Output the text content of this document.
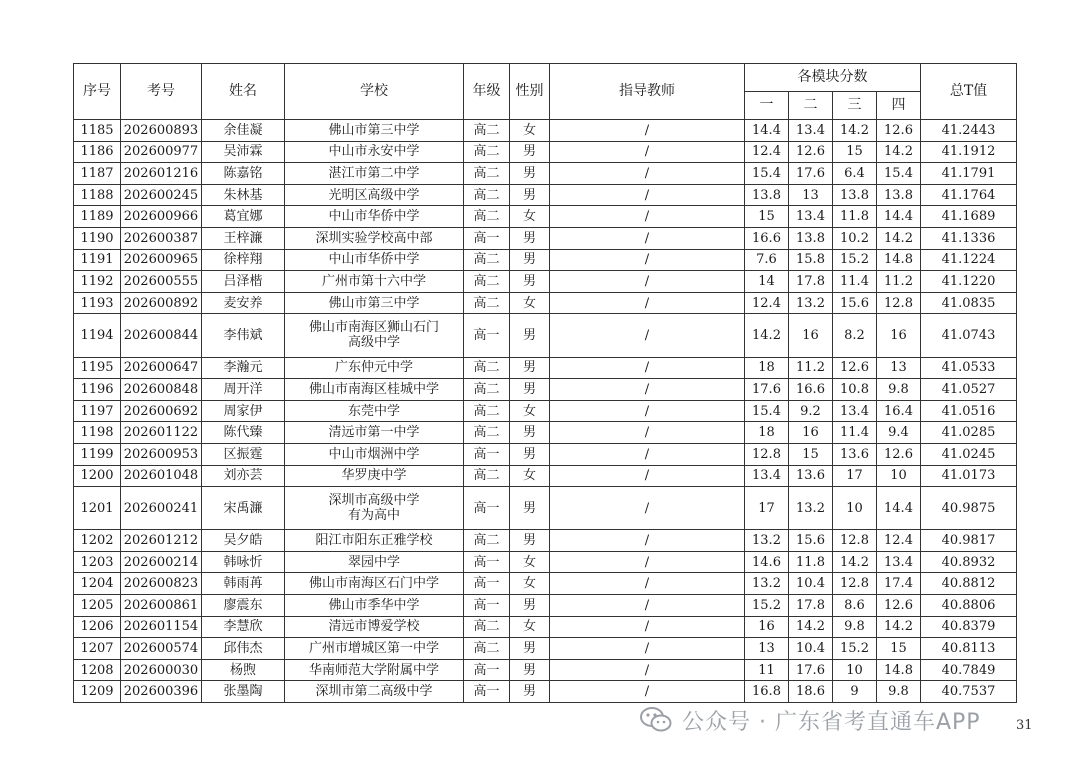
序号	考号	姓名	学校	年级	性别	指导教师	各模块分数				总T值
							一	二	三	四	
1185	202600893	余佳凝	佛山市第三中学	高二	女	/	14.4	13.4	14.2	12.6	41.2443
1186	202600977	吴沛霖	中山市永安中学	高二	男	/	12.4	12.6	15	14.2	41.1912
1187	202601216	陈嘉铭	湛江市第二中学	高二	男	/	15.4	17.6	6.4	15.4	41.1791
1188	202600245	朱林基	光明区高级中学	高二	男	/	13.8	13	13.8	13.8	41.1764
1189	202600966	葛宜娜	中山市华侨中学	高二	女	/	15	13.4	11.8	14.4	41.1689
1190	202600387	王梓濂	深圳实验学校高中部	高一	男	/	16.6	13.8	10.2	14.2	41.1336
1191	202600965	徐梓翔	中山市华侨中学	高二	男	/	7.6	15.8	15.2	14.8	41.1224
1192	202600555	吕泽楷	广州市第十六中学	高二	男	/	14	17.8	11.4	11.2	41.1220
1193	202600892	麦安养	佛山市第三中学	高二	女	/	12.4	13.2	15.6	12.8	41.0835
1194	202600844	李伟斌	佛山市南海区狮山石门
高级中学	高一	男	/	14.2	16	8.2	16	41.0743
1195	202600647	李瀚元	广东仲元中学	高二	男	/	18	11.2	12.6	13	41.0533
1196	202600848	周开洋	佛山市南海区桂城中学	高二	男	/	17.6	16.6	10.8	9.8	41.0527
1197	202600692	周家伊	东莞中学	高二	女	/	15.4	9.2	13.4	16.4	41.0516
1198	202601122	陈代臻	清远市第一中学	高二	男	/	18	16	11.4	9.4	41.0285
1199	202600953	区振霆	中山市烟洲中学	高一	男	/	12.8	15	13.6	12.6	41.0245
1200	202601048	刘亦芸	华罗庚中学	高二	女	/	13.4	13.6	17	10	41.0173
1201	202600241	宋禹濂	深圳市高级中学
有为高中	高一	男	/	17	13.2	10	14.4	40.9875
1202	202601212	吴夕皓	阳江市阳东正雅学校	高二	男	/	13.2	15.6	12.8	12.4	40.9817
1203	202600214	韩咏忻	翠园中学	高一	女	/	14.6	11.8	14.2	13.4	40.8932
1204	202600823	韩雨苒	佛山市南海区石门中学	高一	女	/	13.2	10.4	12.8	17.4	40.8812
1205	202600861	廖震东	佛山市季华中学	高一	男	/	15.2	17.8	8.6	12.6	40.8806
1206	202601154	李慧欣	清远市博爱学校	高二	女	/	16	14.2	9.8	14.2	40.8379
1207	202600574	邱伟杰	广州市增城区第一中学	高二	男	/	13	10.4	15.2	15	40.8113
1208	202600030	杨煦	华南师范大学附属中学	高一	男	/	11	17.6	10	14.8	40.7849
1209	202600396	张墨陶	深圳市第二高级中学	高一	男	/	16.8	18.6	9	9.8	40.7537
公众号 · 广东省考直通车APP	31
